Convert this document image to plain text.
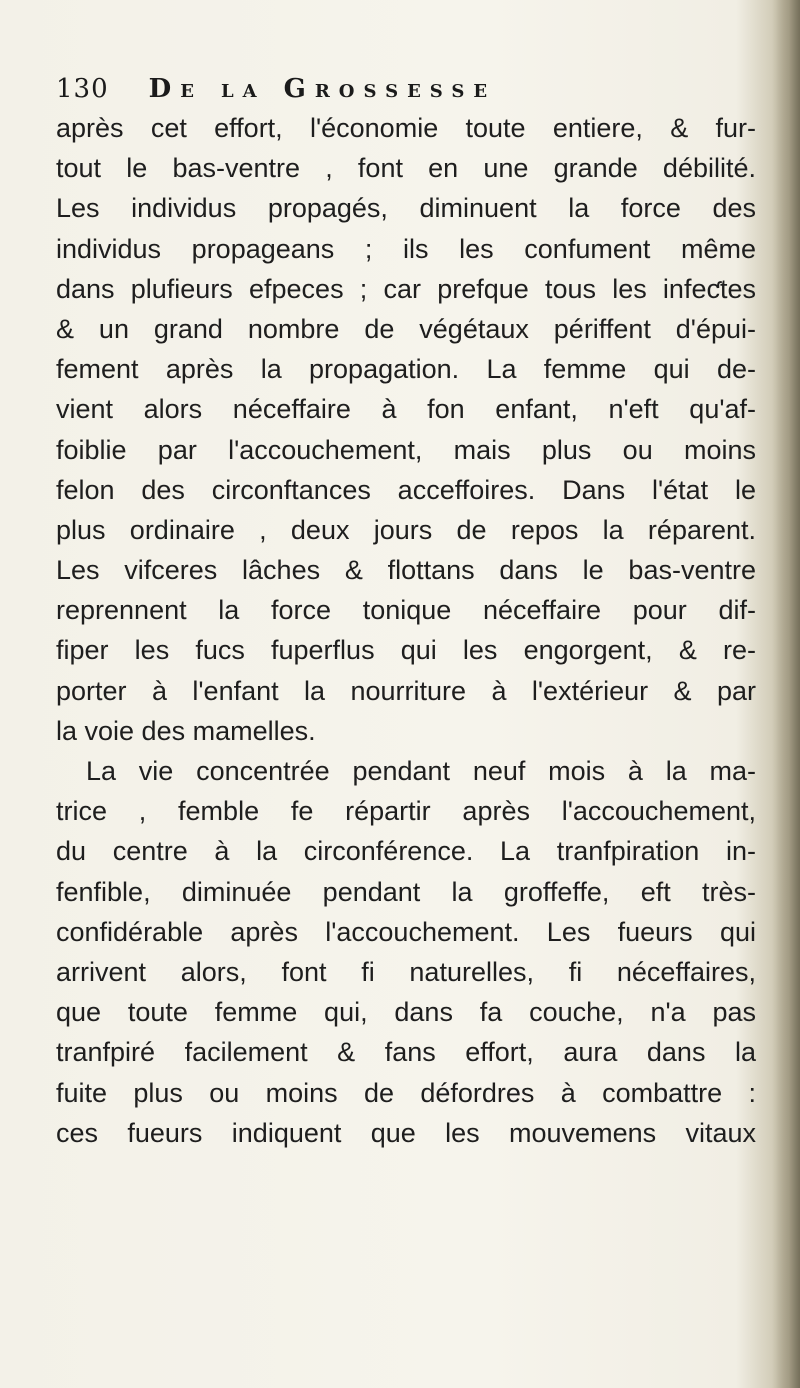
130 De la Grossesse
après cet effort, l'économie toute entiere, & fur-
tout le bas-ventre , font en une grande débilité.
Les individus propagés, diminuent la force des
individus propageans ; ils les confument même
dans plufieurs efpeces ; car prefque tous les infeƈtes
& un grand nombre de végétaux périffent d'épui-
fement après la propagation. La femme qui de-
vient alors néceffaire à fon enfant, n'eft qu'af-
foiblie par l'accouchement, mais plus ou moins
felon des circonftances acceffoires. Dans l'état le
plus ordinaire , deux jours de repos la réparent.
Les vifceres lâches & flottans dans le bas-ventre
reprennent la force tonique néceffaire pour dif-
fiper les fucs fuperflus qui les engorgent, & re-
porter à l'enfant la nourriture à l'extérieur & par
la voie des mamelles.
La vie concentrée pendant neuf mois à la ma-
trice , femble fe répartir après l'accouchement,
du centre à la circonférence. La tranfpiration in-
fenfible, diminuée pendant la groffeffe, eft très-
confidérable après l'accouchement. Les fueurs qui
arrivent alors, font fi naturelles, fi néceffaires,
que toute femme qui, dans fa couche, n'a pas
tranfpiré facilement & fans effort, aura dans la
fuite plus ou moins de défordres à combattre :
ces fueurs indiquent que les mouvemens vitaux
